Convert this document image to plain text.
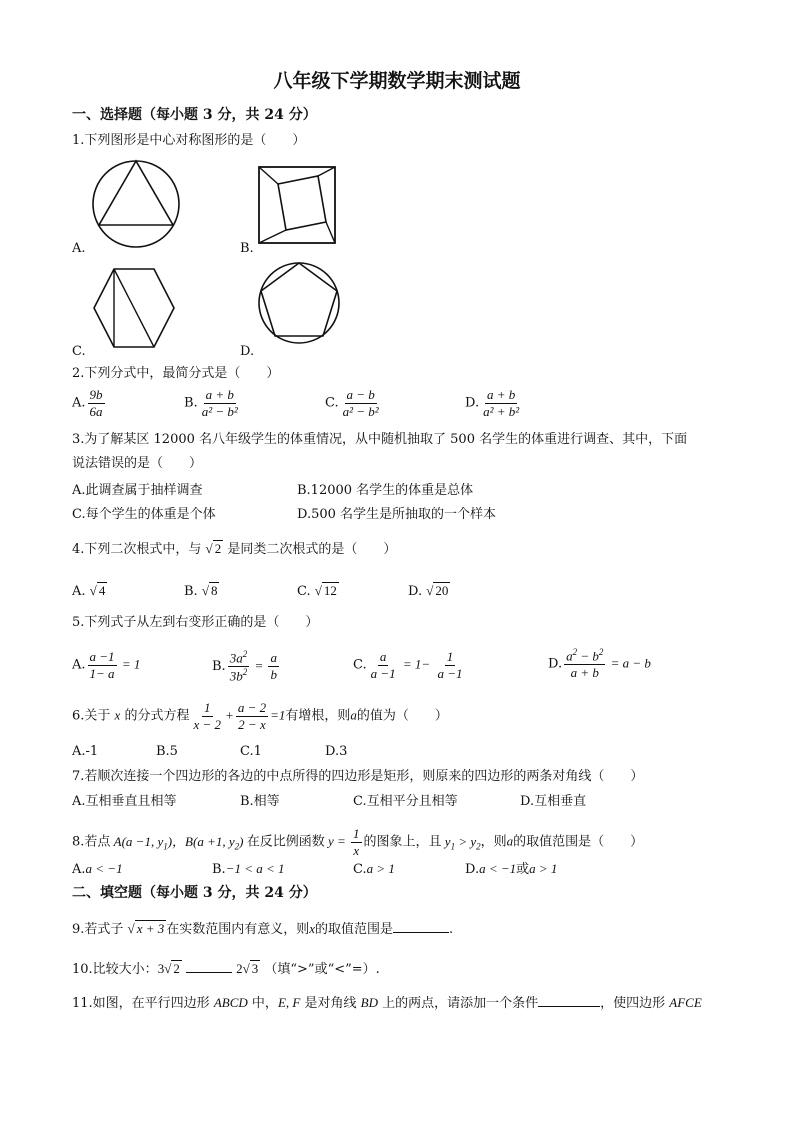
八年级下学期数学期末测试题
一、选择题（每小题 3 分，共 24 分）
1.下列图形是中心对称图形的是（　　）
A.	B.
C.	D.
2.下列分式中，最简分式是（　　）
A. $\frac{9b}{6a}$	B. $\frac{a + b}{\text{a² − b²}}$	C. $\frac{a - b}{\text{a² − b²}}$	D. $\frac{a + b}{\text{a² + b²}}$
3.为了解某区 12000 名八年级学生的体重情况，从中随机抽取了 500 名学生的体重进行调查、其中，下面
说法错误的是（　　）
A.此调查属于抽样调查	B.12000 名学生的体重是总体
C.每个学生的体重是个体	D.500 名学生是所抽取的一个样本
4.下列二次根式中，与 √ 2 是同类二次根式的是（　　）
A. √ 4	B. √ 8	C. √ 12	D. √ 20
5.下列式子从左到右变形正确的是（　　）
A. $\frac{a -1}{1- a} = 1$	B. $\frac{3a^2}{3b^2} = \frac{a}{b}$	C. $\frac{a}{a -1} = 1- \frac{1}{a -1}$	D. $\frac{a^2 - b^2}{a + b} = a - b$
6.关于 x 的分式方程 $\frac{1}{x - 2} + \frac{a - 2}{2 - x} =1$有增根，则a的值为（　　）
A.-1	B.5	C.1	D.3
7.若顺次连接一个四边形的各边的中点所得的四边形是矩形，则原来的四边形的两条对角线（　　）
A.互相垂直且相等	B.相等	C.互相平分且相等	D.互相垂直
8.若点 A(a −1, $y_1$)，B(a +1, $y_2$) 在反比例函数 $y = \frac{1}{x}$ 的图象上，且 $y_1 > y_2$，则a的取值范围是（　　）
A.a < −1	B.−1 < a < 1	C.a > 1	D.a < −1或a > 1
二、填空题（每小题 3 分，共 24 分）
9.若式子 √ x + 3 在实数范围内有意义，则x的取值范围是	.
10.比较大小：3√ 2	2√ 3 （填“>”或“<”=）.
11.如图，在平行四边形 ABCD 中，E, F 是对角线 BD 上的两点，请添加一个条件	，使四边形 AFCE
